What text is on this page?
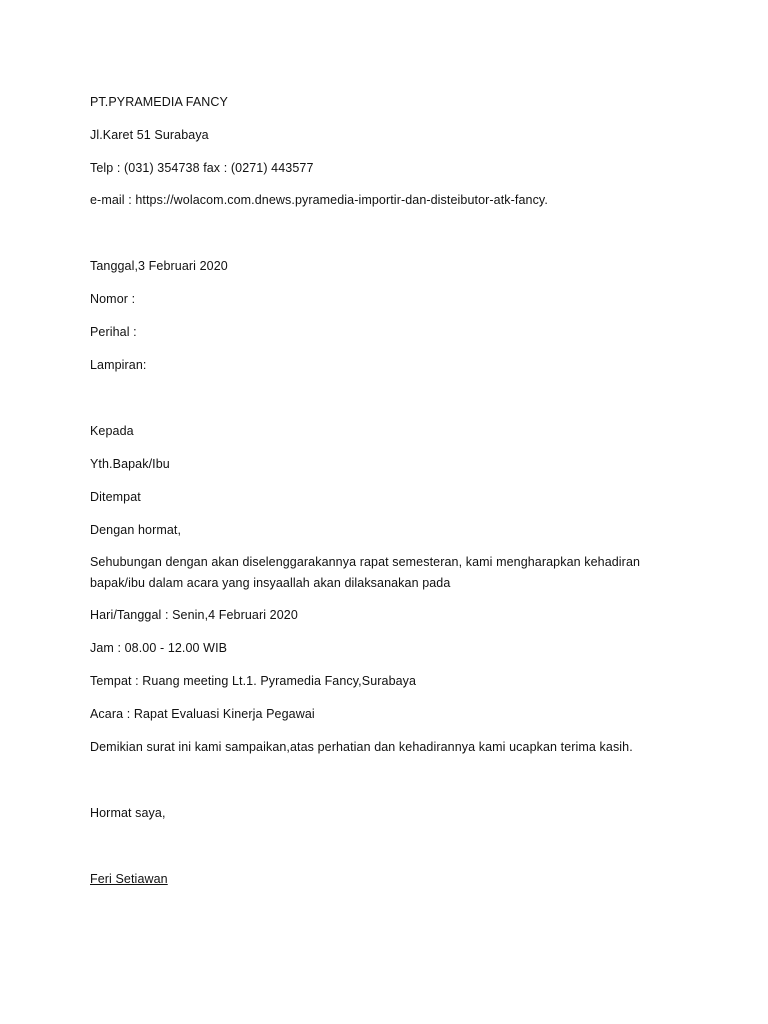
PT.PYRAMEDIA FANCY
Jl.Karet 51 Surabaya
Telp : (031) 354738 fax : (0271) 443577
e-mail : https://wolacom.com.dnews.pyramedia-importir-dan-disteibutor-atk-fancy.
Tanggal,3 Februari 2020
Nomor :
Perihal :
Lampiran:
Kepada
Yth.Bapak/Ibu
Ditempat
Dengan hormat,
Sehubungan dengan akan diselenggarakannya rapat semesteran, kami mengharapkan kehadiran
bapak/ibu dalam acara yang insyaallah akan dilaksanakan pada
Hari/Tanggal : Senin,4 Februari 2020
Jam : 08.00 - 12.00 WIB
Tempat : Ruang meeting Lt.1. Pyramedia Fancy,Surabaya
Acara : Rapat Evaluasi Kinerja Pegawai
Demikian surat ini kami sampaikan,atas perhatian dan kehadirannya kami ucapkan terima kasih.
Hormat saya,
Feri Setiawan
